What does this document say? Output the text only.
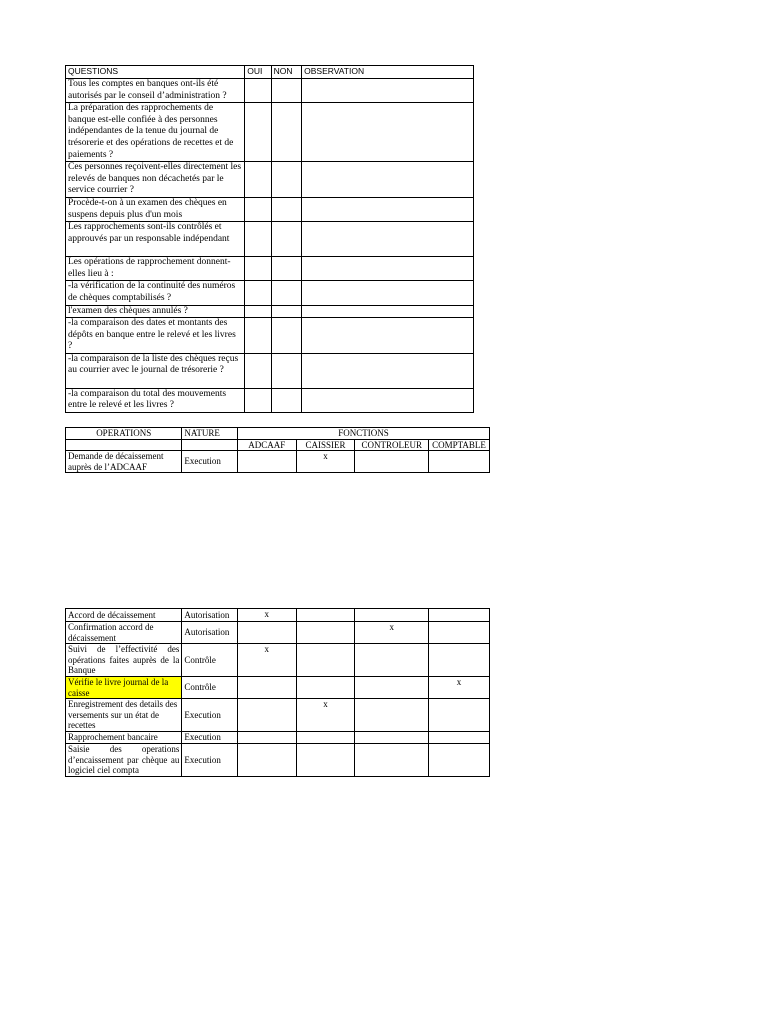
QUESTIONS	OUI	NON	OBSERVATION
Tous les comptes en banques ont-ils été autorisés par le conseil d’administration ?			
La préparation des rapprochements de banque est-elle confiée à des personnes indépendantes de la tenue du journal de trésorerie et des opérations de recettes et de paiements ?			
Ces personnes reçoivent-elles directement les relevés de banques non décachetés par le service courrier ?			
Procède-t-on à un examen des chèques en suspens depuis plus d'un mois			
Les rapprochements sont-ils contrôlés et approuvés par un responsable indépendant			
Les opérations de rapprochement donnent-elles lieu à :			
-la vérification de la continuité des numéros de chèques comptabilisés ?			
l'examen des chèques annulés ?			
-la comparaison des dates et montants des dépôts en banque entre le relevé et les livres ?			
-la comparaison de la liste des chèques reçus au courrier avec le journal de trésorerie ?			
-la comparaison du total des mouvements entre le relevé et les livres ?			
OPERATIONS	NATURE	FONCTIONS			
		ADCAAF	CAISSIER	CONTROLEUR	COMPTABLE
Demande de décaissement auprès de l’ADCAAF	Execution		x		
Accord de décaissement	Autorisation	x			
Confirmation accord de décaissement	Autorisation			x	
Suivi de l’effectivité des opérations faites auprès de la Banque	Contrôle	x			
Vérifie le livre journal de la caisse	Contrôle				x
Enregistrement des details des versements sur un état de recettes	Execution		x		
Rapprochement bancaire	Execution				
Saisie des operations d’encaissement par chèque au logiciel ciel compta	Execution				
